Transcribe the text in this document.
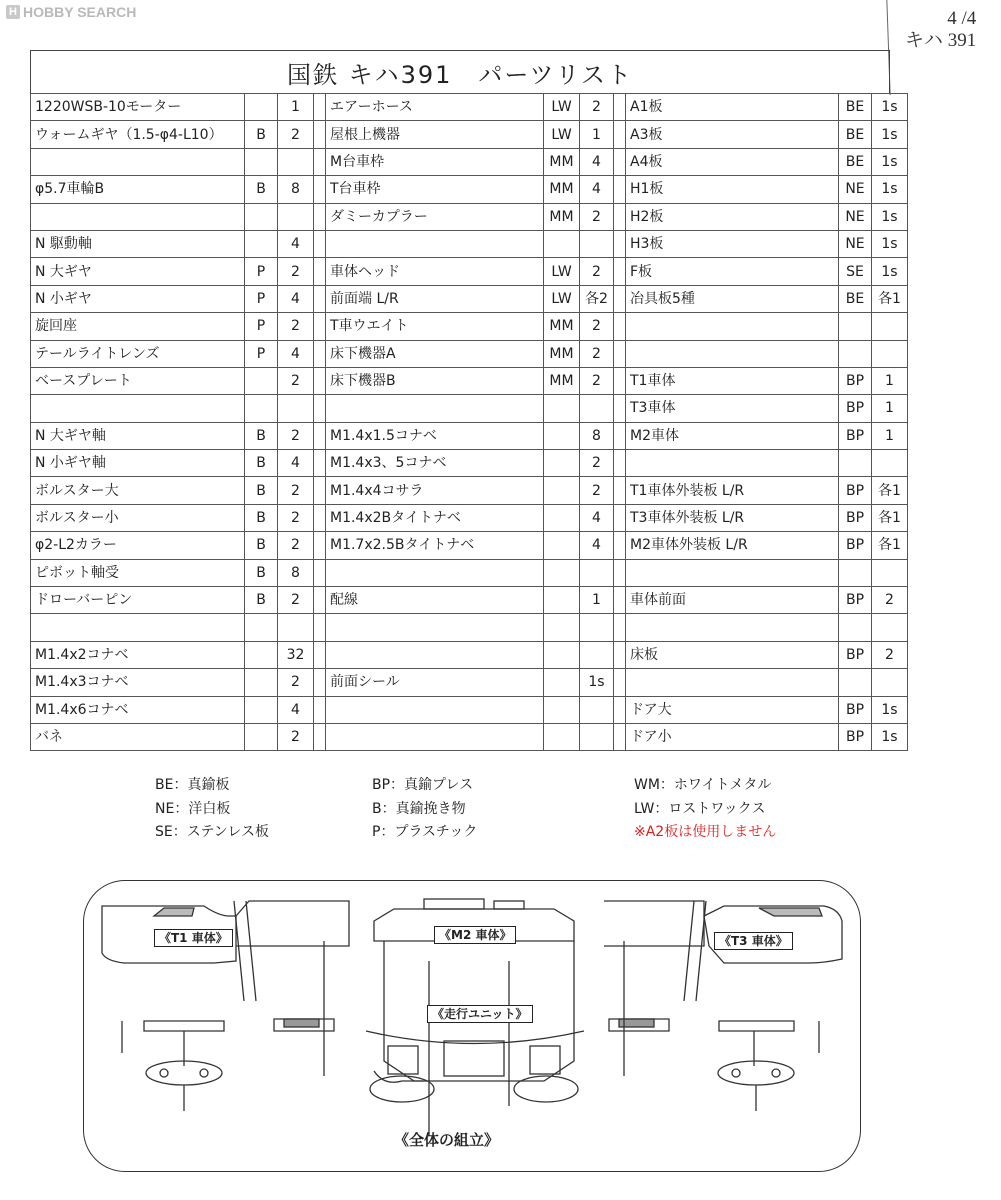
H HOBBY SEARCH	4 /4
キハ 391
国鉄 キハ391　パーツリスト
1220WSB-10モーター		1		エアーホース	LW	2		A1板	BE	1s
ウォームギヤ（1.5-φ4-L10）	B	2		屋根上機器	LW	1		A3板	BE	1s
				M台車枠	MM	4		A4板	BE	1s
φ5.7車輪B	B	8		T台車枠	MM	4		H1板	NE	1s
				ダミーカプラー	MM	2		H2板	NE	1s
N 駆動軸		4						H3板	NE	1s
N 大ギヤ	P	2		車体ヘッド	LW	2		F板	SE	1s
N 小ギヤ	P	4		前面端 L/R	LW	各2		冶具板5種	BE	各1
旋回座	P	2		T車ウエイト	MM	2				
テールライトレンズ	P	4		床下機器A	MM	2				
ベースプレート		2		床下機器B	MM	2		T1車体	BP	1
								T3車体	BP	1
N 大ギヤ軸	B	2		M1.4x1.5コナベ		8		M2車体	BP	1
N 小ギヤ軸	B	4		M1.4x3、5コナベ		2				
ボルスター大	B	2		M1.4x4コサラ		2		T1車体外装板 L/R	BP	各1
ボルスター小	B	2		M1.4x2Bタイトナベ		4		T3車体外装板 L/R	BP	各1
φ2-L2カラー	B	2		M1.7x2.5Bタイトナベ		4		M2車体外装板 L/R	BP	各1
ピボット軸受	B	8								
ドローバーピン	B	2		配線		1		車体前面	BP	2

M1.4x2コナベ		32						床板	BP	2
M1.4x3コナベ		2		前面シール		1s				
M1.4x6コナベ		4						ドア大	BP	1s
バネ		2						ドア小	BP	1s
BE：真鍮板
NE：洋白板
SE：ステンレス板
BP：真鍮プレス
B：真鍮挽き物
P：プラスチック
WM：ホワイトメタル
LW：ロストワックス
※A2板は使用しません
《T1 車体》	《M2 車体》	《T3 車体》
《走行ユニット》
《全体の組立》
